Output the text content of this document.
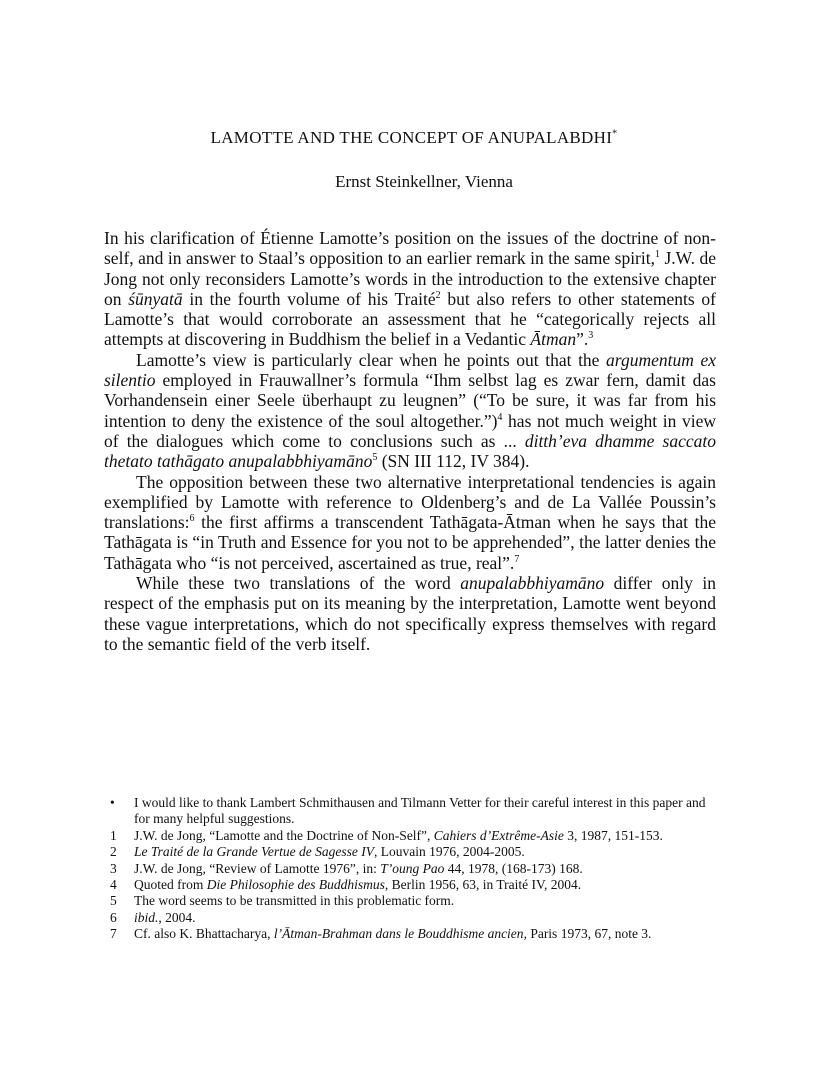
LAMOTTE AND THE CONCEPT OF ANUPALABDHI*
Ernst Steinkellner, Vienna

In his clarification of Étienne Lamotte’s position on the issues of the doctrine of non-self, and in answer to Staal’s opposition to an earlier remark in the same spirit,$^1$ J.W. de Jong not only reconsiders Lamotte’s words in the introduction to the extensive chapter on śūnyatā in the fourth volume of his Traité$^2$ but also refers to other statements of Lamotte’s that would corroborate an assessment that he “categorically rejects all attempts at discovering in Buddhism the belief in a Vedantic Ātman”.$^3$

Lamotte’s view is particularly clear when he points out that the argumentum ex silentio employed in Frauwallner’s formula “Ihm selbst lag es zwar fern, damit das Vorhandensein einer Seele überhaupt zu leugnen” (“To be sure, it was far from his intention to deny the existence of the soul altogether.”)$^4$ has not much weight in view of the dialogues which come to conclusions such as ... ditth’eva dhamme saccato thetato tathāgato anupalabbhiyamāno$^5$ (SN III 112, IV 384).

The opposition between these two alternative interpretational tendencies is again exemplified by Lamotte with reference to Oldenberg’s and de La Vallée Poussin’s translations:$^6$ the first affirms a transcendent Tathāgata-Ātman when he says that the Tathāgata is “in Truth and Essence for you not to be apprehended”, the latter denies the Tathāgata who “is not perceived, ascertained as true, real”.$^7$

While these two translations of the word anupalabbhiyamāno differ only in respect of the emphasis put on its meaning by the interpretation, Lamotte went beyond these vague interpretations, which do not specifically express themselves with regard to the semantic field of the verb itself.

•	I would like to thank Lambert Schmithausen and Tilmann Vetter for their careful interest in this paper and for many helpful suggestions.
1	J.W. de Jong, “Lamotte and the Doctrine of Non-Self”, Cahiers d’Extrême-Asie 3, 1987, 151-153.
2	Le Traité de la Grande Vertue de Sagesse IV, Louvain 1976, 2004-2005.
3	J.W. de Jong, “Review of Lamotte 1976”, in: T’oung Pao 44, 1978, (168-173) 168.
4	Quoted from Die Philosophie des Buddhismus, Berlin 1956, 63, in Traité IV, 2004.
5	The word seems to be transmitted in this problematic form.
6	ibid., 2004.
7	Cf. also K. Bhattacharya, l’Ātman-Brahman dans le Bouddhisme ancien, Paris 1973, 67, note 3.
